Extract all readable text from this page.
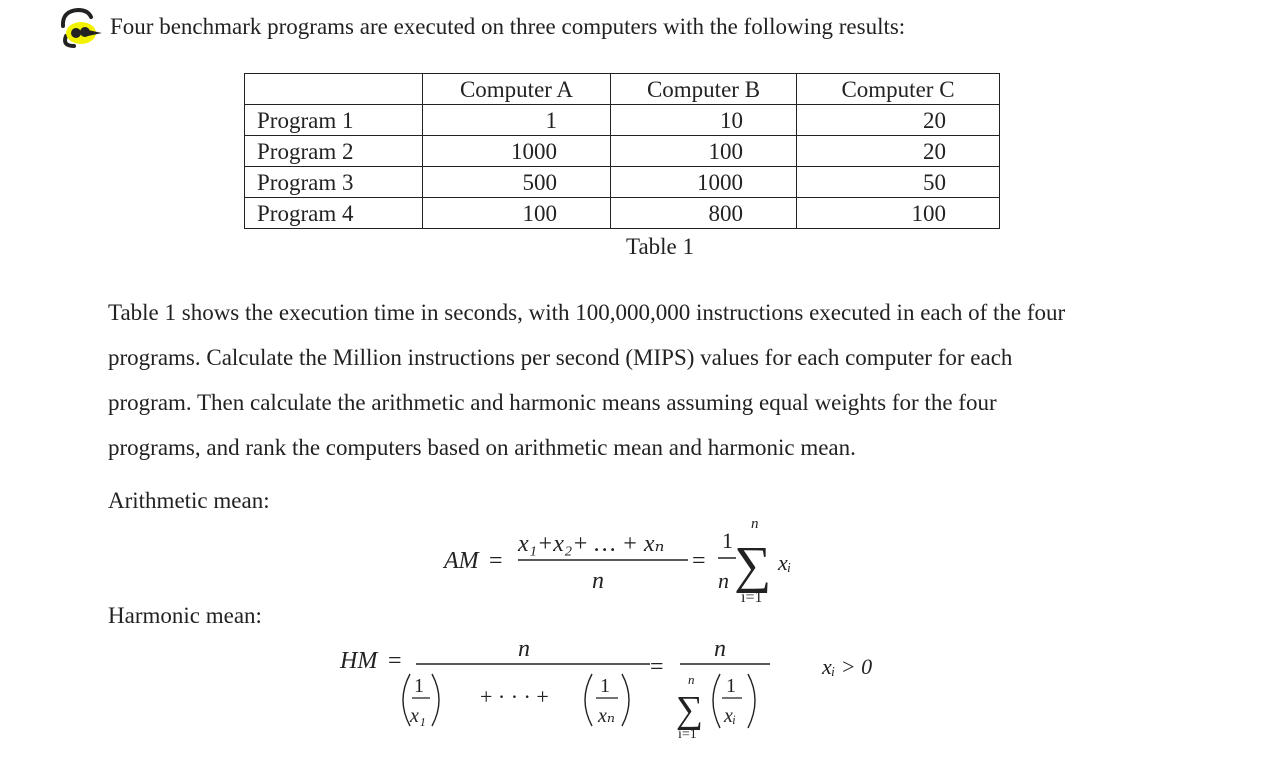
Four benchmark programs are executed on three computers with the following results:
	Computer A	Computer B	Computer C
Program 1	1	10	20
Program 2	1000	100	20
Program 3	500	1000	50
Program 4	100	800	100
Table 1

Table 1 shows the execution time in seconds, with 100,000,000 instructions executed in each of the four

programs. Calculate the Million instructions per second (MIPS) values for each computer for each

program. Then calculate the arithmetic and harmonic means assuming equal weights for the four

programs, and rank the computers based on arithmetic mean and harmonic mean.

Arithmetic mean:
AM =
x₁+x₂+ … + xₙ
n
=
1
n
n
∑
i=1
xᵢ
Harmonic mean:
HM =	n
1
x₁
+ · · · +	1
xₙ
=
n
n
∑
i=1
1
xᵢ
xᵢ > 0
